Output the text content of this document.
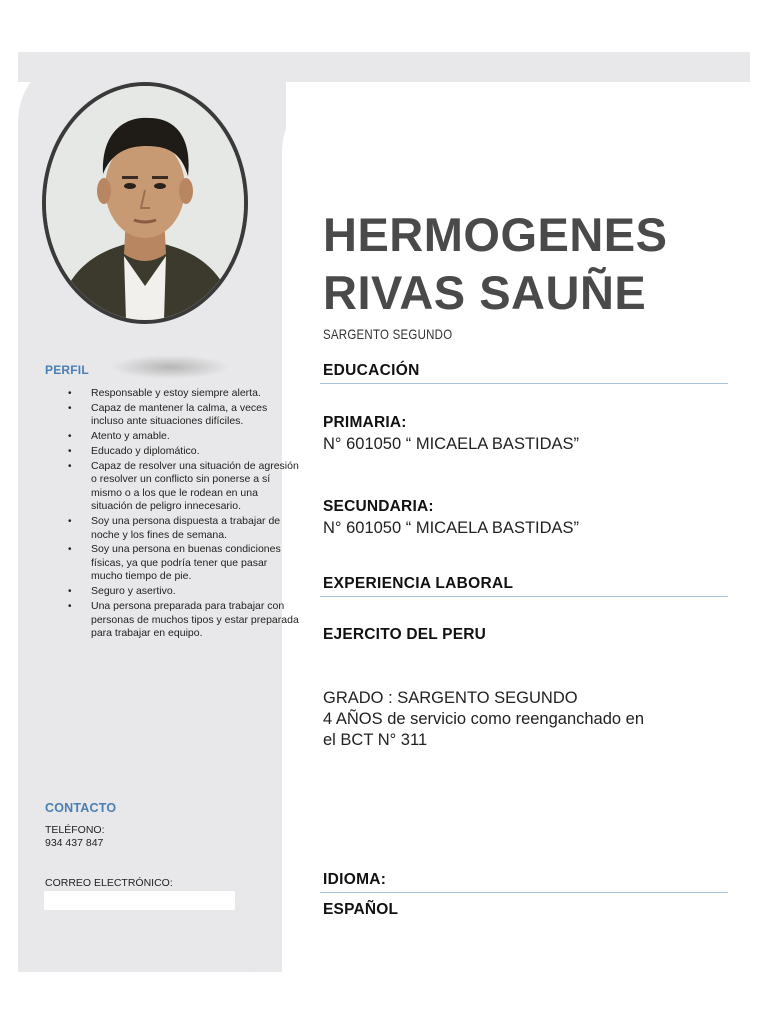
PERFIL
• Responsable y estoy siempre alerta.
• Capaz de mantener la calma, a veces incluso ante situaciones difíciles.
• Atento y amable.
• Educado y diplomático.
• Capaz de resolver una situación de agresión o resolver un conflicto sin ponerse a sí mismo o a los que le rodean en una situación de peligro innecesario.
• Soy una persona dispuesta a trabajar de noche y los fines de semana.
• Soy una persona en buenas condiciones físicas, ya que podría tener que pasar mucho tiempo de pie.
• Seguro y asertivo.
• Una persona preparada para trabajar con personas de muchos tipos y estar preparada para trabajar en equipo.
CONTACTO
TELÉFONO:
934 437 847
CORREO ELECTRÓNICO:
HERMOGENES
RIVAS SAUÑE
SARGENTO SEGUNDO
EDUCACIÓN
PRIMARIA:
N° 601050 “ MICAELA BASTIDAS”
SECUNDARIA:
N° 601050 “ MICAELA BASTIDAS”
EXPERIENCIA LABORAL
EJERCITO DEL PERU
GRADO : SARGENTO SEGUNDO
4 AÑOS de servicio como reenganchado en
el BCT N° 311
IDIOMA:
ESPAÑOL
